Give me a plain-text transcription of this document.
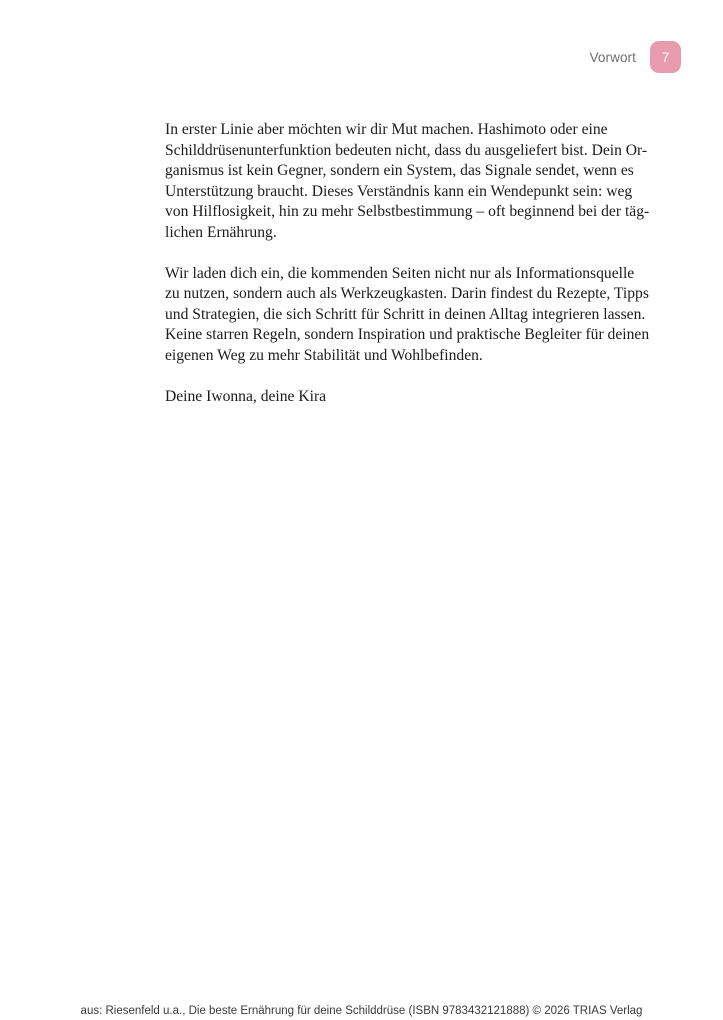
Vorwort 7

In erster Linie aber möchten wir dir Mut machen. Hashimoto oder eine
Schilddrüsenunterfunktion bedeuten nicht, dass du ausgeliefert bist. Dein Or-
ganismus ist kein Gegner, sondern ein System, das Signale sendet, wenn es
Unterstützung braucht. Dieses Verständnis kann ein Wendepunkt sein: weg
von Hilflosigkeit, hin zu mehr Selbstbestimmung – oft beginnend bei der täg-
lichen Ernährung.

Wir laden dich ein, die kommenden Seiten nicht nur als Informationsquelle
zu nutzen, sondern auch als Werkzeugkasten. Darin findest du Rezepte, Tipps
und Strategien, die sich Schritt für Schritt in deinen Alltag integrieren lassen.
Keine starren Regeln, sondern Inspiration und praktische Begleiter für deinen
eigenen Weg zu mehr Stabilität und Wohlbefinden.

Deine Iwonna, deine Kira

aus: Riesenfeld u.a., Die beste Ernährung für deine Schilddrüse (ISBN 9783432121888) © 2026 TRIAS Verlag
